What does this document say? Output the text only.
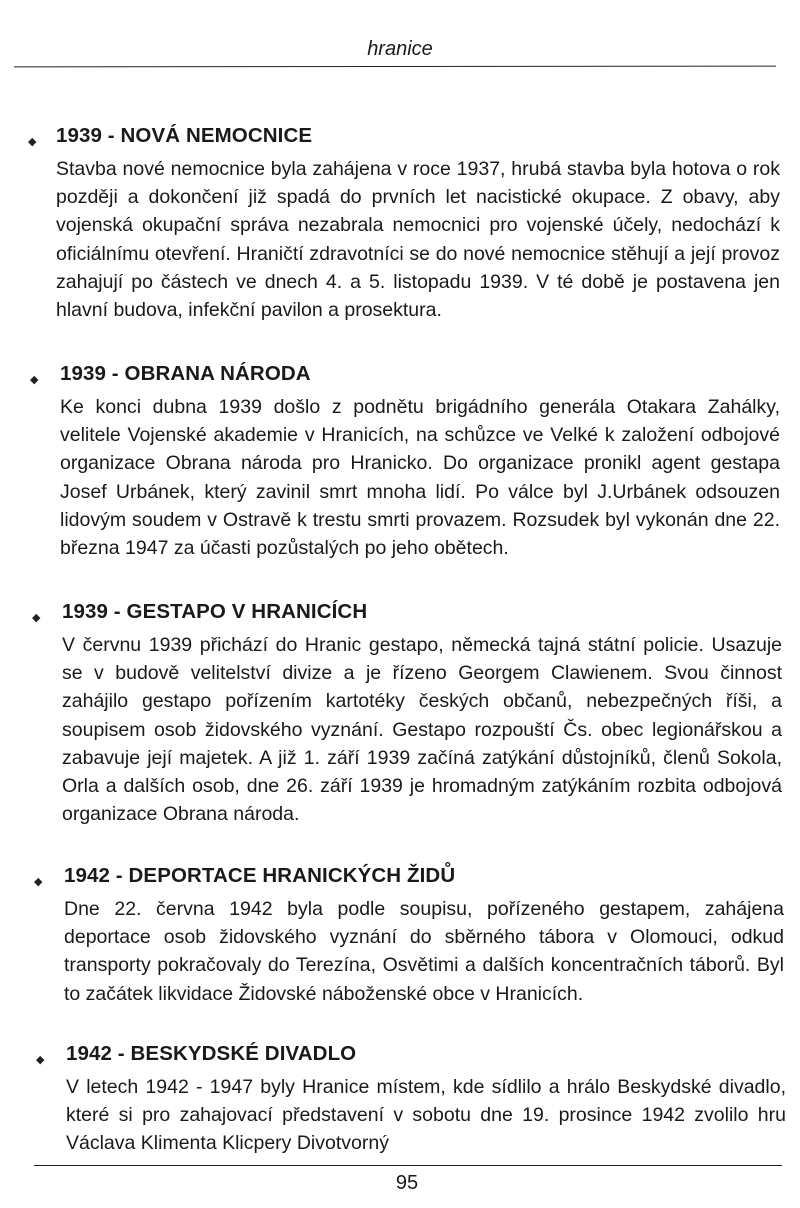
hranice
◆ 1939 - NOVÁ NEMOCNICE
Stavba nové nemocnice byla zahájena v roce 1937, hrubá stavba byla hotova o rok později a dokončení již spadá do prvních let nacistické okupace. Z obavy, aby vojenská okupační správa nezabrala nemocnici pro vojenské účely, nedochází k oficiálnímu otevření. Hraničtí zdravotníci se do nové nemocnice stěhují a její provoz zahajují po částech ve dnech 4. a 5. listopadu 1939. V té době je postavena jen hlavní budova, infekční pavilon a prosektura.
◆ 1939 - OBRANA NÁRODA
Ke konci dubna 1939 došlo z podnětu brigádního generála Otakara Zahálky, velitele Vojenské akademie v Hranicích, na schůzce ve Velké k založení odbojové organizace Obrana národa pro Hranicko. Do organizace pronikl agent gestapa Josef Urbánek, který zavinil smrt mnoha lidí. Po válce byl J.Urbánek odsouzen lidovým soudem v Ostravě k trestu smrti provazem. Rozsudek byl vykonán dne 22. března 1947 za účasti pozůstalých po jeho obětech.
◆ 1939 - GESTAPO V HRANICÍCH
V červnu 1939 přichází do Hranic gestapo, německá tajná státní policie. Usazuje se v budově velitelství divize a je řízeno Georgem Clawienem. Svou činnost zahájilo gestapo pořízením kartotéky českých občanů, nebezpečných říši, a soupisem osob židovského vyznání. Gestapo rozpouští Čs. obec legionářskou a zabavuje její majetek. A již 1. září 1939 začíná zatýkání důstojníků, členů Sokola, Orla a dalších osob, dne 26. září 1939 je hromadným zatýkáním rozbita odbojová organizace Obrana národa.
◆ 1942 - DEPORTACE HRANICKÝCH ŽIDŮ
Dne 22. června 1942 byla podle soupisu, pořízeného gestapem, zahájena deportace osob židovského vyznání do sběrného tábora v Olomouci, odkud transporty pokračovaly do Terezína, Osvětimi a dalších koncentračních táborů. Byl to začátek likvidace Židovské náboženské obce v Hranicích.
◆ 1942 - BESKYDSKÉ DIVADLO
V letech 1942 - 1947 byly Hranice místem, kde sídlilo a hrálo Beskydské divadlo, které si pro zahajovací představení v sobotu dne 19. prosince 1942 zvolilo hru Václava Klimenta Klicpery Divotvorný
95
